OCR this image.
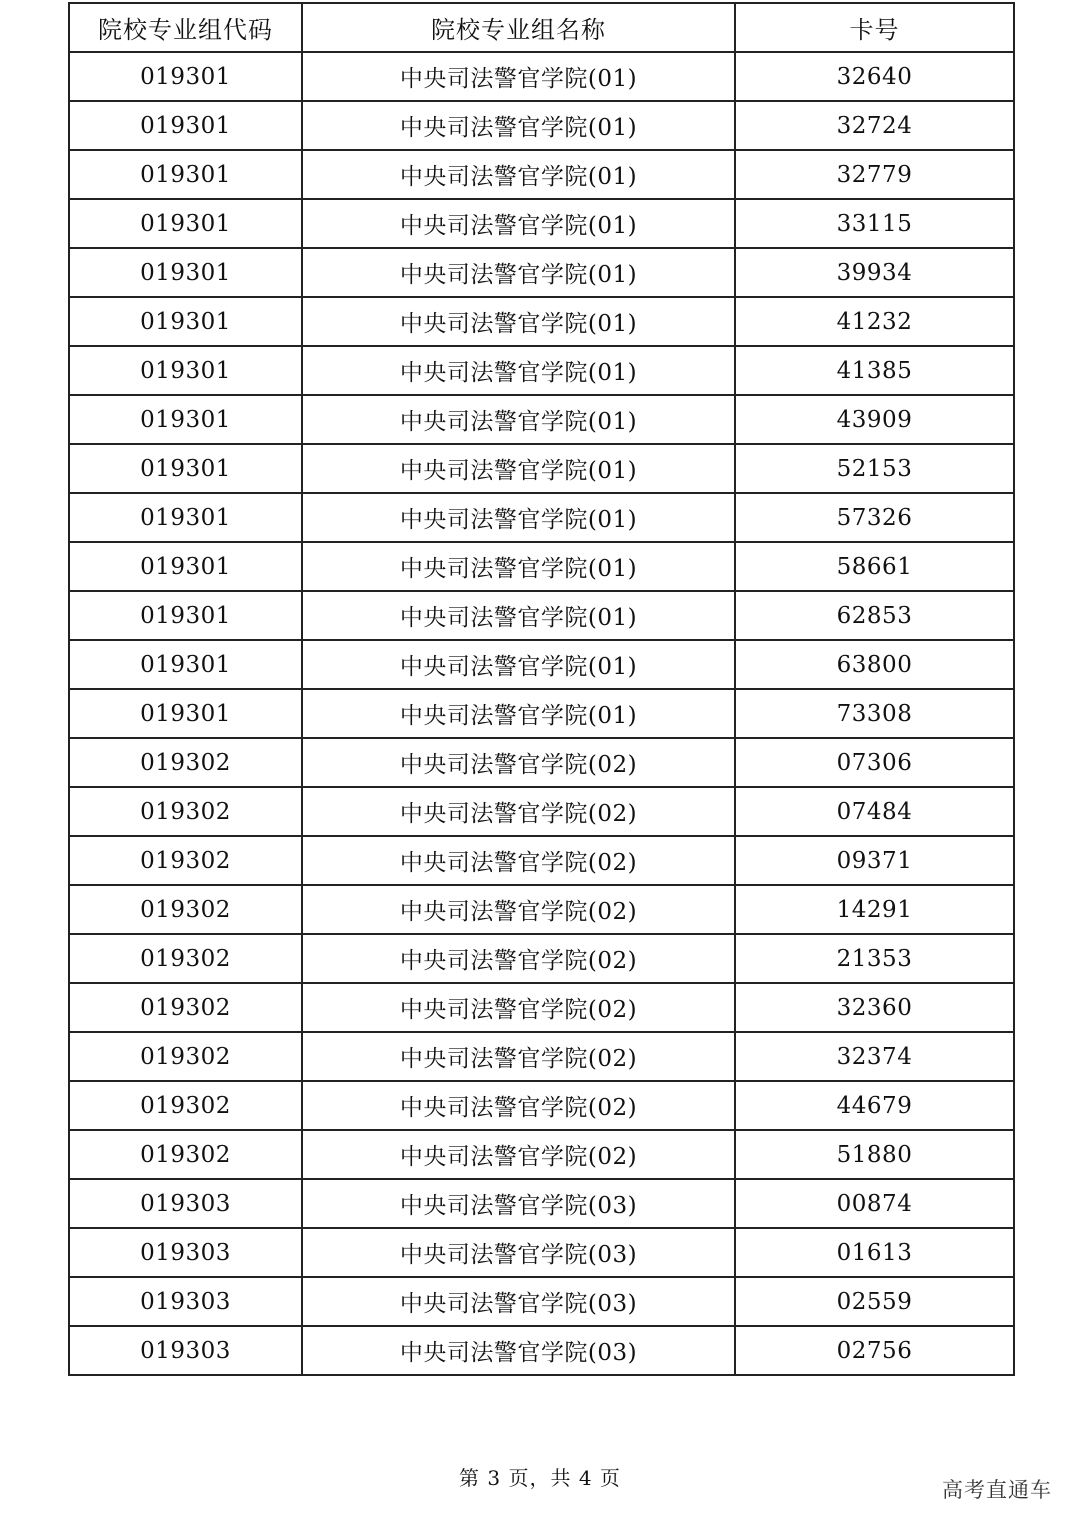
院校专业组代码	院校专业组名称	卡号
019301	中央司法警官学院(01)	32640
019301	中央司法警官学院(01)	32724
019301	中央司法警官学院(01)	32779
019301	中央司法警官学院(01)	33115
019301	中央司法警官学院(01)	39934
019301	中央司法警官学院(01)	41232
019301	中央司法警官学院(01)	41385
019301	中央司法警官学院(01)	43909
019301	中央司法警官学院(01)	52153
019301	中央司法警官学院(01)	57326
019301	中央司法警官学院(01)	58661
019301	中央司法警官学院(01)	62853
019301	中央司法警官学院(01)	63800
019301	中央司法警官学院(01)	73308
019302	中央司法警官学院(02)	07306
019302	中央司法警官学院(02)	07484
019302	中央司法警官学院(02)	09371
019302	中央司法警官学院(02)	14291
019302	中央司法警官学院(02)	21353
019302	中央司法警官学院(02)	32360
019302	中央司法警官学院(02)	32374
019302	中央司法警官学院(02)	44679
019302	中央司法警官学院(02)	51880
019303	中央司法警官学院(03)	00874
019303	中央司法警官学院(03)	01613
019303	中央司法警官学院(03)	02559
019303	中央司法警官学院(03)	02756
第 3 页，共 4 页	高考直通车
